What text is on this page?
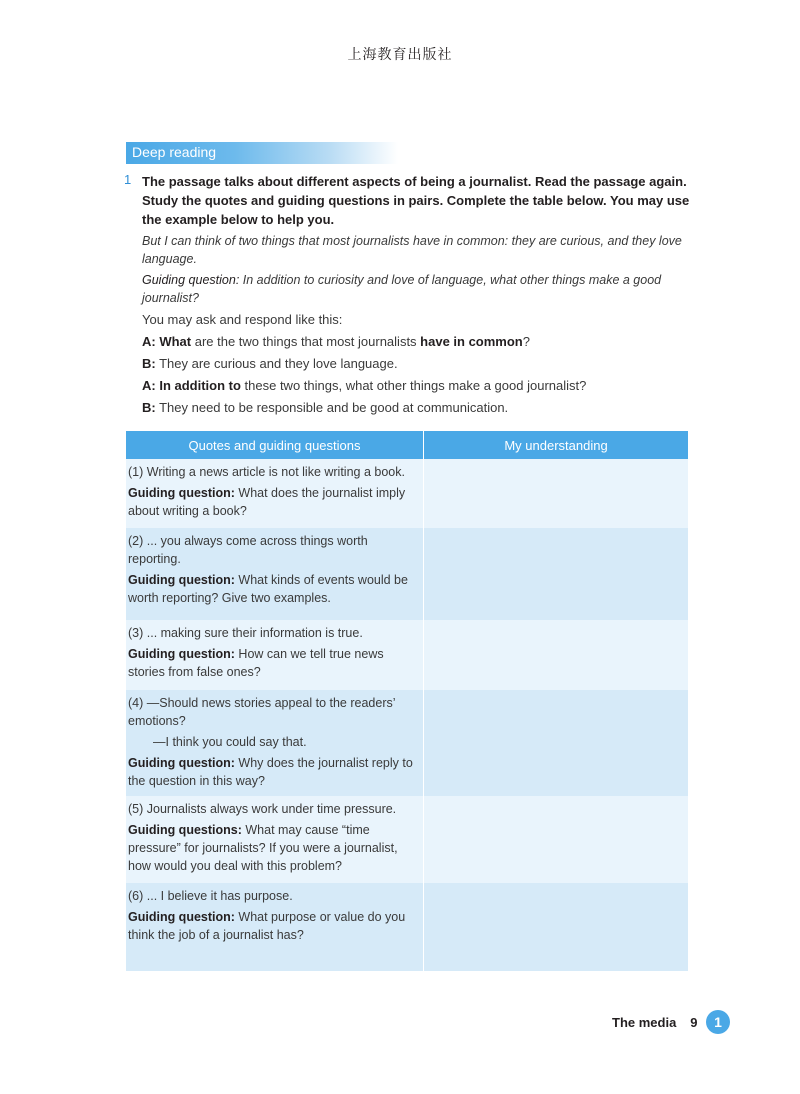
上海教育出版社
Deep reading
1 The passage talks about different aspects of being a journalist. Read the passage again. Study the quotes and guiding questions in pairs. Complete the table below. You may use the example below to help you.

But I can think of two things that most journalists have in common: they are curious, and they love language.

Guiding question: In addition to curiosity and love of language, what other things make a good journalist?

You may ask and respond like this:

A: What are the two things that most journalists have in common?

B: They are curious and they love language.

A: In addition to these two things, what other things make a good journalist?

B: They need to be responsible and be good at communication.

Quotes and guiding questions	My understanding

(1) Writing a news article is not like writing a book.

Guiding question: What does the journalist imply about writing a book?

(2) ... you always come across things worth reporting.

Guiding question: What kinds of events would be worth reporting? Give two examples.

(3) ... making sure their information is true.

Guiding question: How can we tell true news stories from false ones?

(4) —Should news stories appeal to the readers’ emotions?

—I think you could say that.

Guiding question: Why does the journalist reply to the question in this way?

(5) Journalists always work under time pressure.

Guiding questions: What may cause “time pressure” for journalists? If you were a journalist, how would you deal with this problem?

(6) ... I believe it has purpose.

Guiding question: What purpose or value do you think the job of a journalist has?

The media 9	1
